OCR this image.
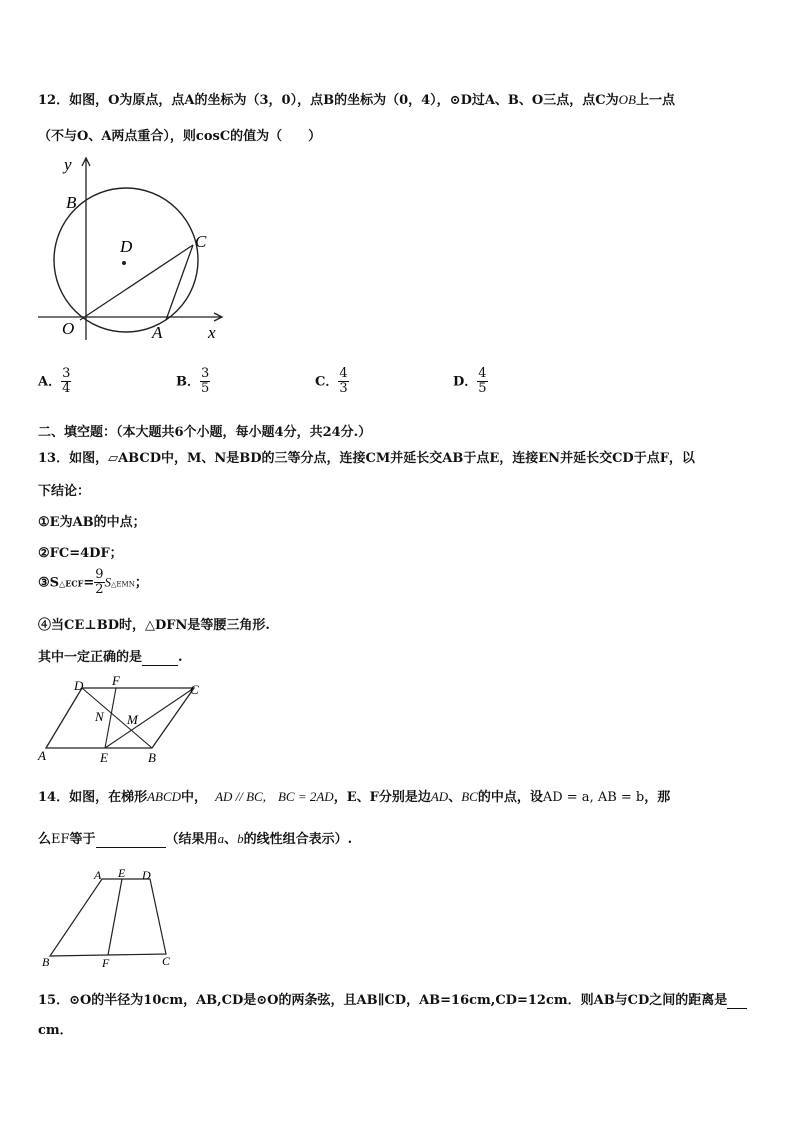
12．如图，O为原点，点A的坐标为（3，0），点B的坐标为（0，4），⊙D过A、B、O三点，点C为OB上一点
（不与O、A两点重合），则cosC的值为（　　）
y
B
D	C
O	A	x
A． $\frac{3}{4}$	B． $\frac{3}{5}$	C． $\frac{4}{3}$	D． $\frac{4}{5}$
二、填空题：（本大题共6个小题，每小题4分，共24分.）
13．如图，▱ABCD中，M、N是BD的三等分点，连接CM并延长交AB于点E，连接EN并延长交CD于点F，以
下结论：
①E为AB的中点；
②FC=4DF；
③S△ECF= $\frac{9}{2}$ S△EMN；
④当CE⊥BD时，△DFN是等腰三角形.
其中一定正确的是	.
D F
C
N M
A	E	B
14．如图，在梯形ABCD中， AD // BC, BC = 2AD，E、F分别是边AD、BC的中点，设AD = a, AB = b，那
么EF等于	（结果用a、b的线性组合表示）.
A E D
B	F	C
15．⊙O的半径为10cm，AB,CD是⊙O的两条弦，且AB∥CD，AB=16cm,CD=12cm．则AB与CD之间的距离是
cm．
